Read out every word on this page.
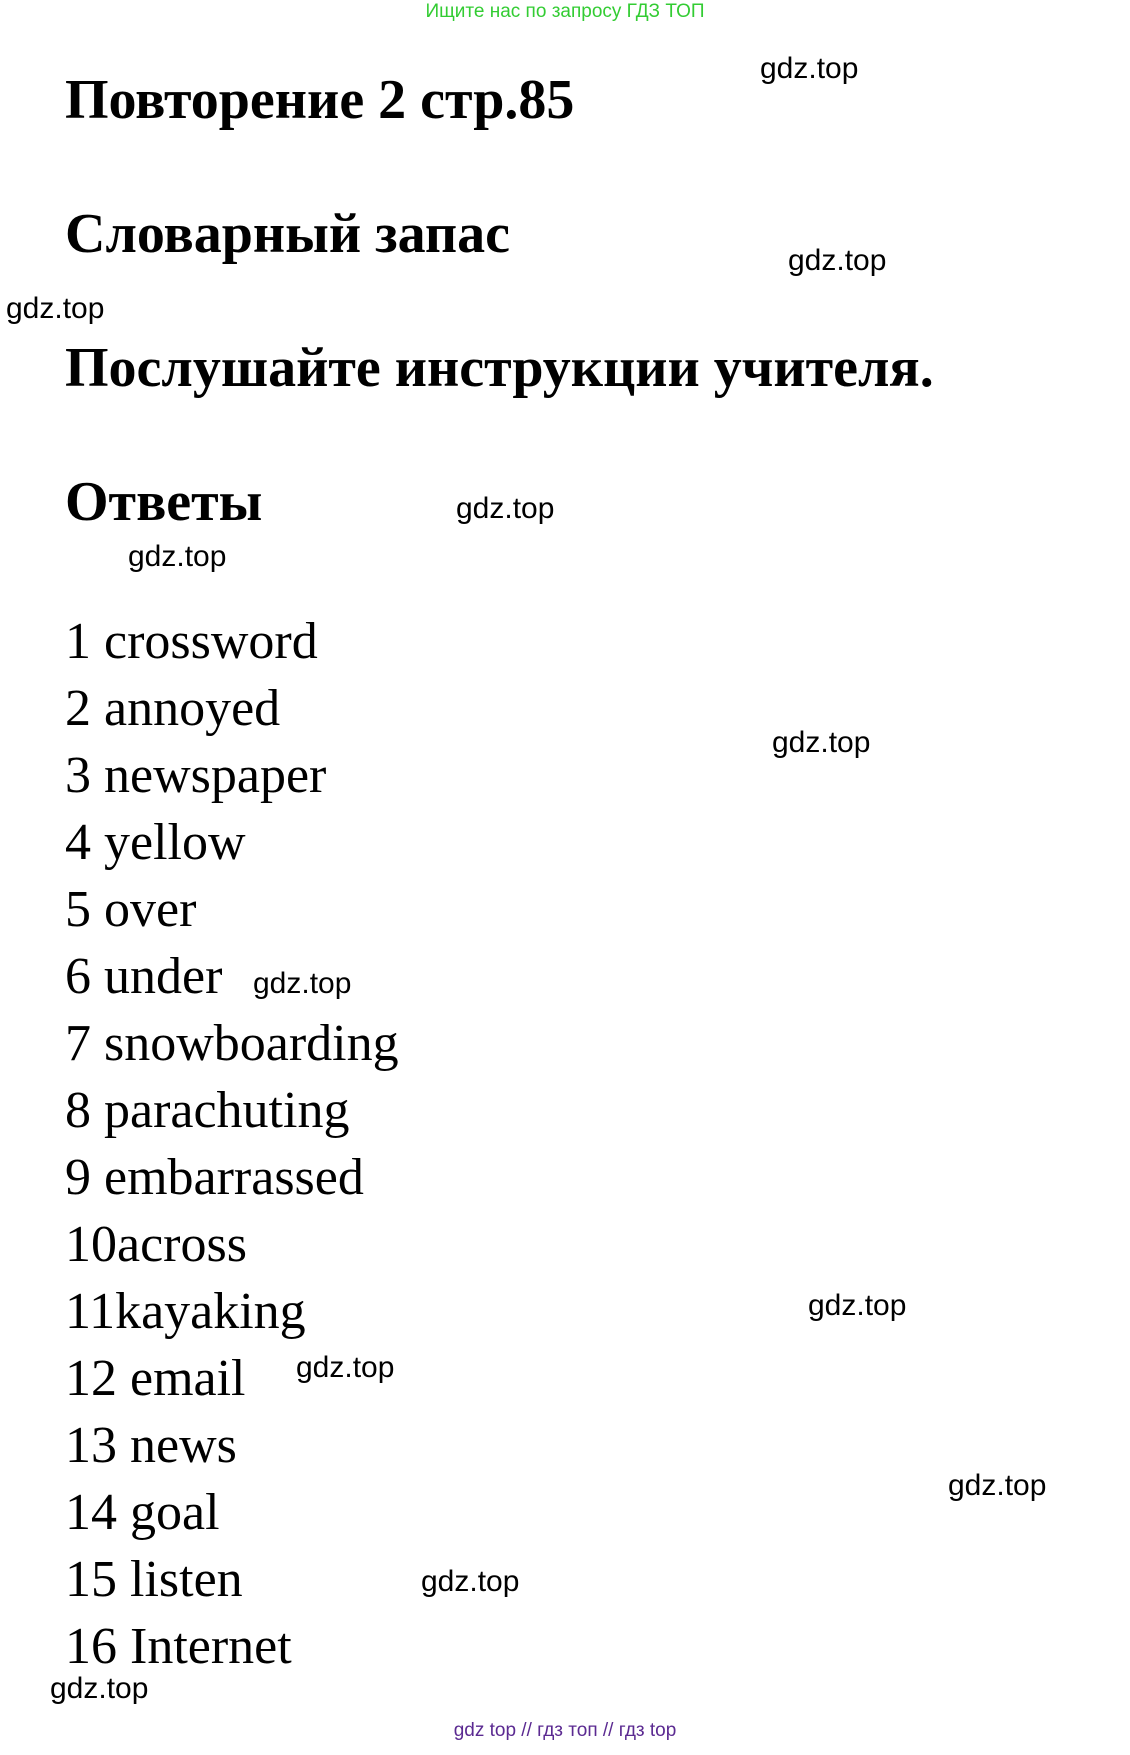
Ищите нас по запросу ГДЗ ТОП

Повторение 2 стр.85
Словарный запас
Послушайте инструкции учителя.
Ответы
1 crossword
2 annoyed
3 newspaper
4 yellow
5 over
6 under
7 snowboarding
8 parachuting
9 embarrassed
10across
11kayaking
12 email
13 news
14 goal
15 listen
16 Internet
gdz.top
gdz.top
gdz.top
gdz.top
gdz.top
gdz.top
gdz.top
gdz.top
gdz.top
gdz.top
gdz.top
gdz.top

gdz top // гдз топ // гдз top
